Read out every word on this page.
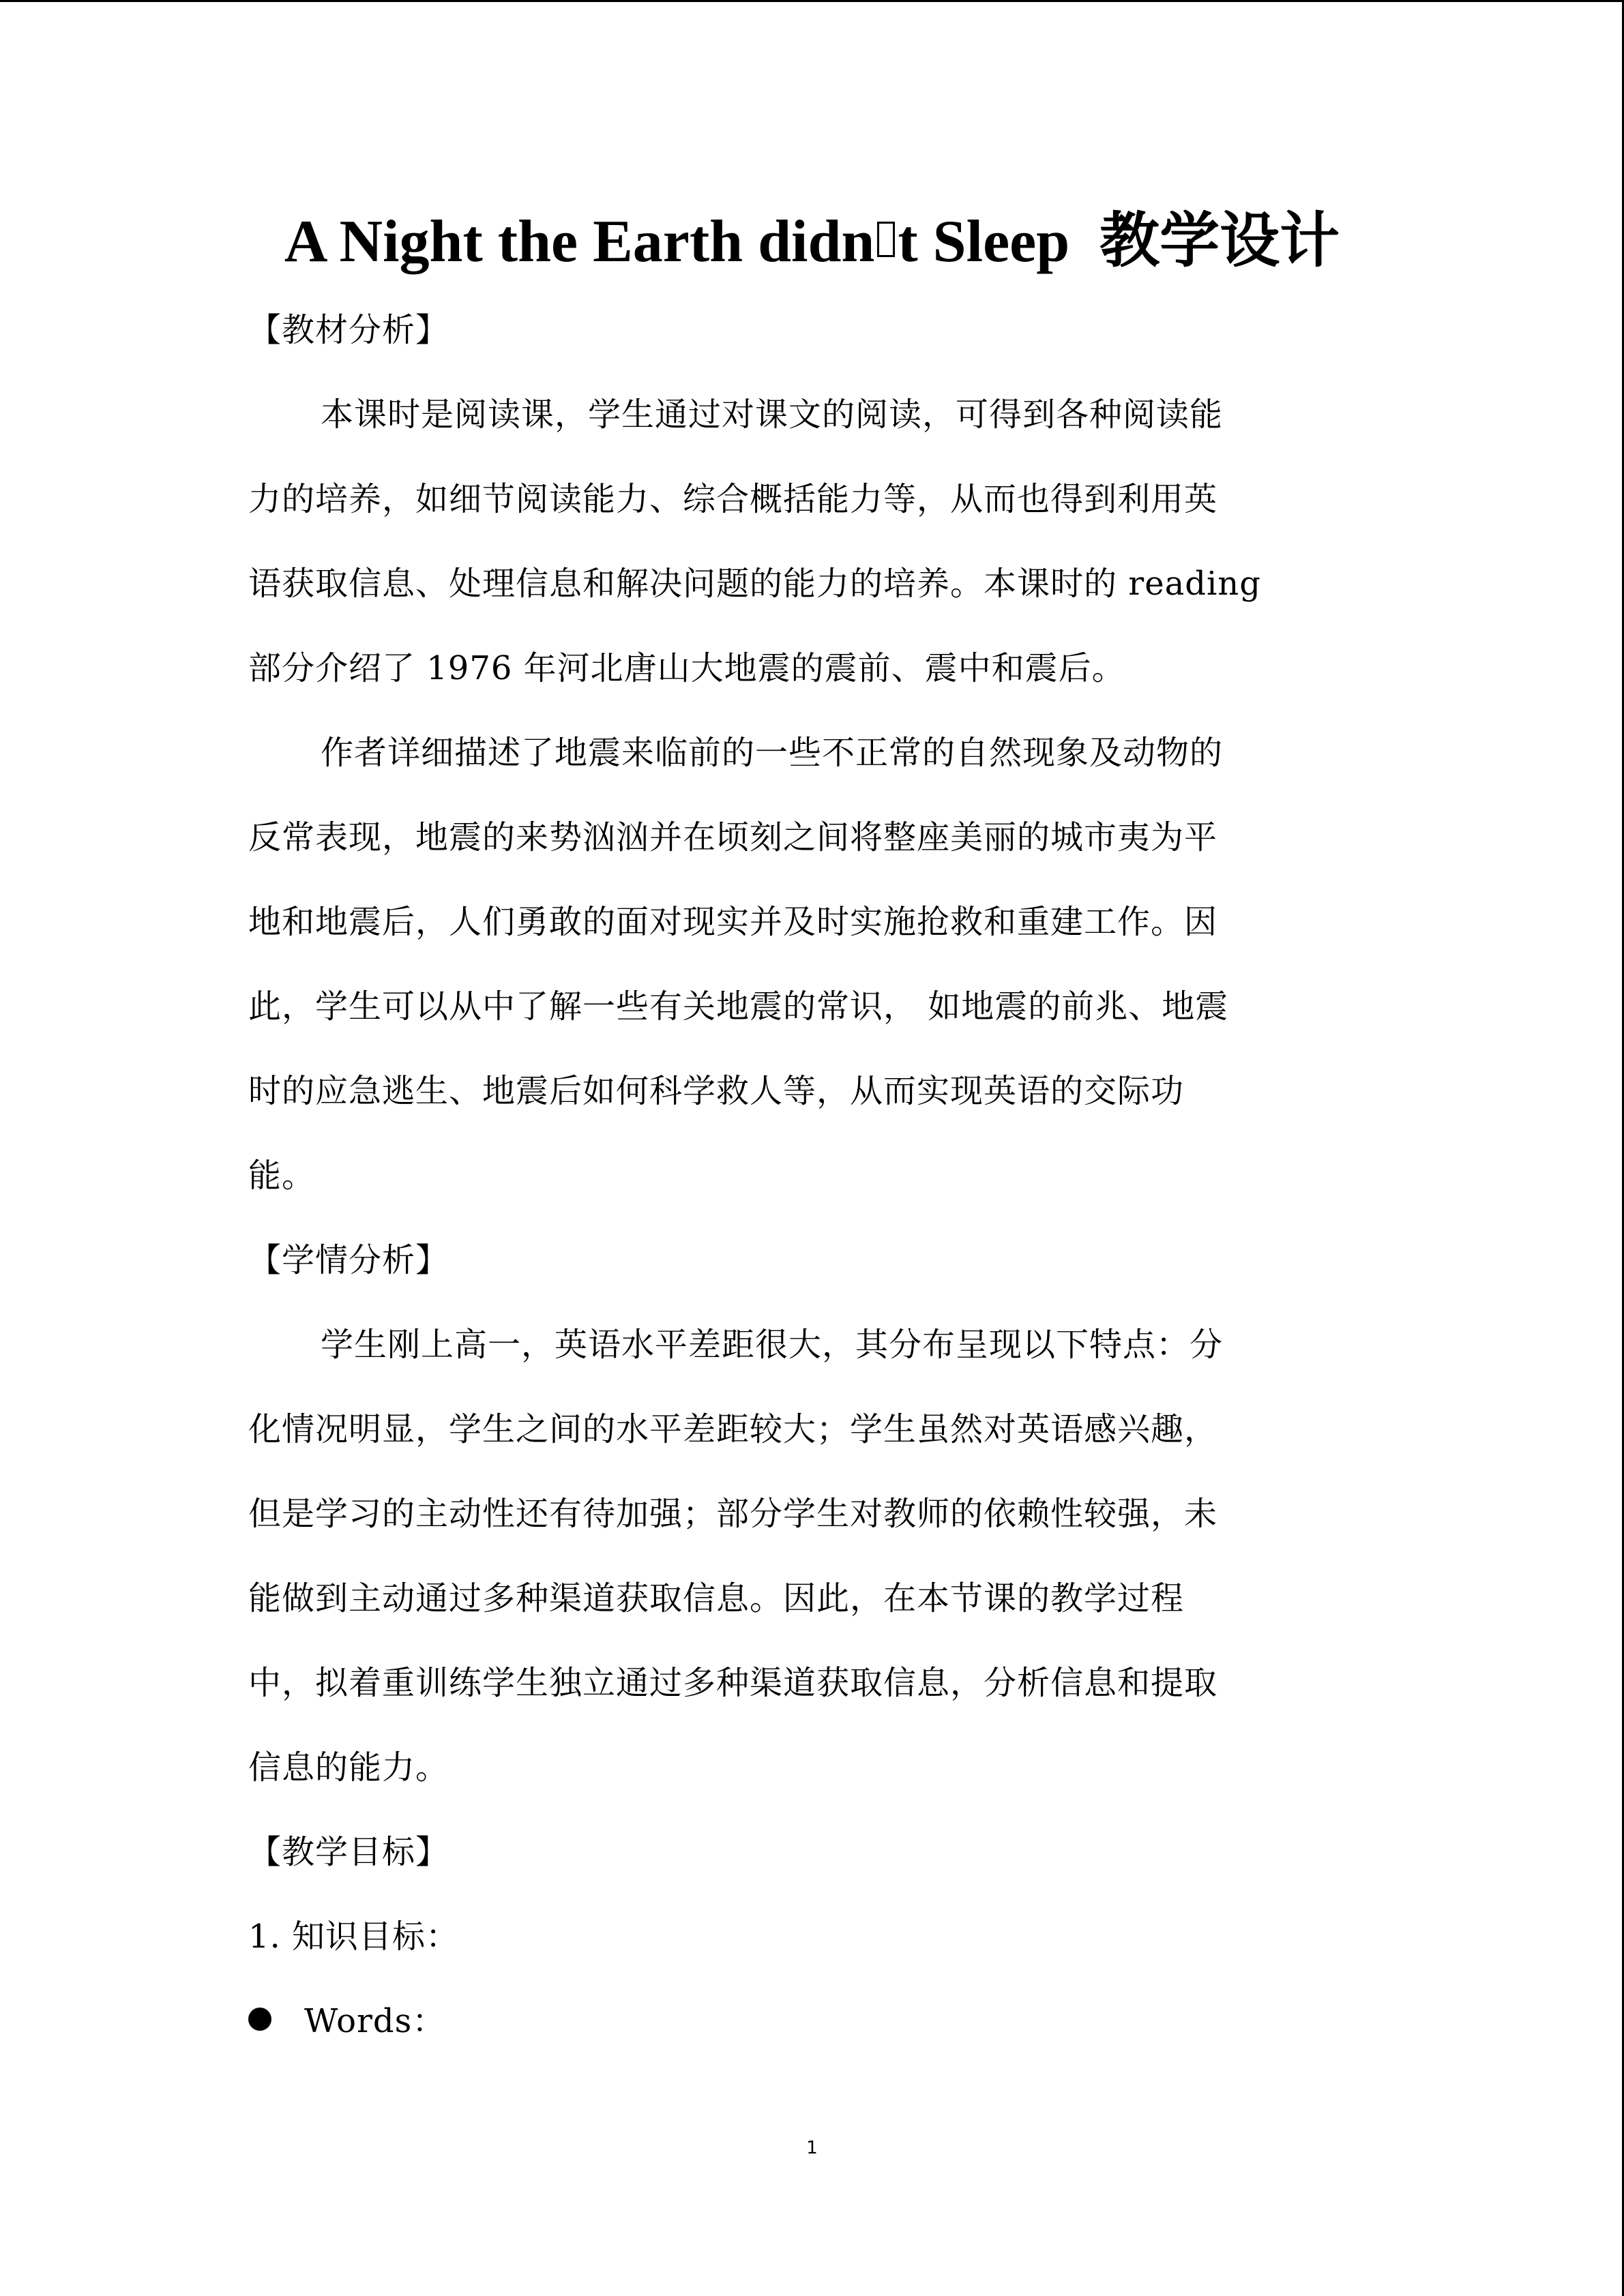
A Night the Earth didn t Sleep 教学设计
【教材分析】
本课时是阅读课，学生通过对课文的阅读，可得到各种阅读能
力的培养，如细节阅读能力、综合概括能力等，从而也得到利用英
语获取信息、处理信息和解决问题的能力的培养。本课时的 reading
部分介绍了 1976 年河北唐山大地震的震前、震中和震后。
作者详细描述了地震来临前的一些不正常的自然现象及动物的
反常表现，地震的来势汹汹并在顷刻之间将整座美丽的城市夷为平
地和地震后，人们勇敢的面对现实并及时实施抢救和重建工作。因
此，学生可以从中了解一些有关地震的常识， 如地震的前兆、地震
时的应急逃生、地震后如何科学救人等，从而实现英语的交际功
能。
【学情分析】
学生刚上高一，英语水平差距很大，其分布呈现以下特点：分
化情况明显，学生之间的水平差距较大；学生虽然对英语感兴趣，
但是学习的主动性还有待加强；部分学生对教师的依赖性较强，未
能做到主动通过多种渠道获取信息。因此，在本节课的教学过程
中，拟着重训练学生独立通过多种渠道获取信息，分析信息和提取
信息的能力。
【教学目标】
1. 知识目标：
Words：
1
